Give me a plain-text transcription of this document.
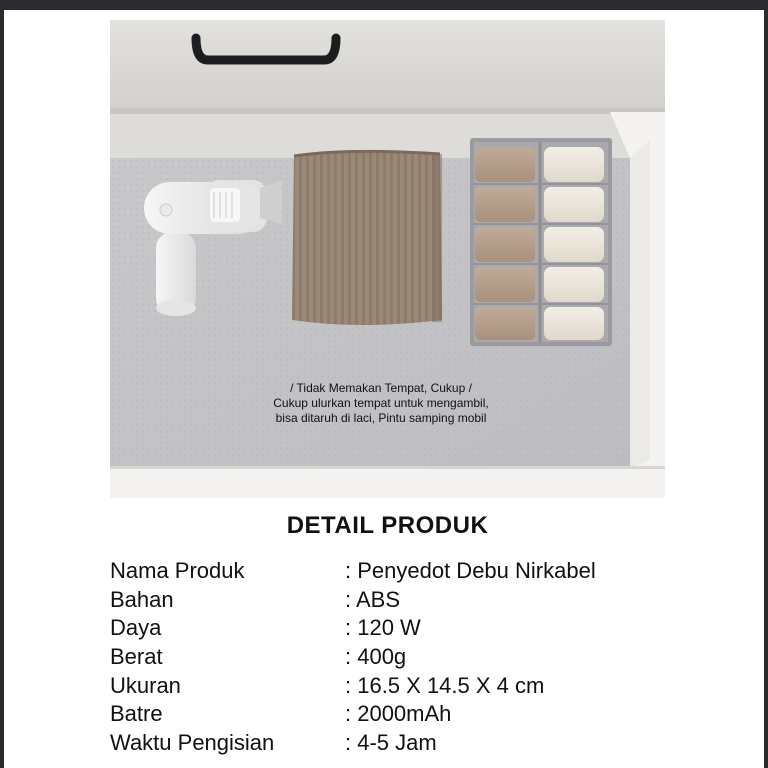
/ Tidak Memakan Tempat, Cukup /
Cukup ulurkan tempat untuk mengambil,
bisa ditaruh di laci, Pintu samping mobil
DETAIL PRODUK
Nama Produk	: Penyedot Debu Nirkabel
Bahan	: ABS
Daya	: 120 W
Berat	: 400g
Ukuran	: 16.5 X 14.5 X 4 cm
Batre	: 2000mAh
Waktu Pengisian	: 4-5 Jam
